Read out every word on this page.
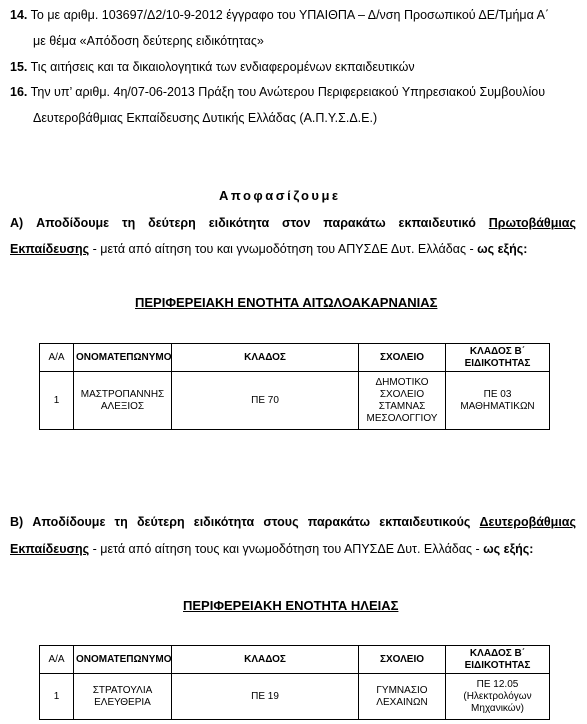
14. Το με αριθμ. 103697/Δ2/10-9-2012 έγγραφο του ΥΠΑΙΘΠΑ – Δ/νση Προσωπικού ΔΕ/Τμήμα Α΄
με θέμα «Απόδοση δεύτερης ειδικότητας»
15. Τις αιτήσεις και τα δικαιολογητικά των ενδιαφερομένων εκπαιδευτικών
16. Την υπ’ αριθμ. 4η/07-06-2013 Πράξη του Ανώτερου Περιφερειακού Υπηρεσιακού Συμβουλίου
Δευτεροβάθμιας Εκπαίδευσης Δυτικής Ελλάδας (Α.Π.Υ.Σ.Δ.Ε.)
Αποφασίζουμε
Α) Αποδίδουμε τη δεύτερη ειδικότητα στον παρακάτω εκπαιδευτικό Πρωτοβάθμιας
Εκπαίδευσης - μετά από αίτηση του και γνωμοδότηση του ΑΠΥΣΔΕ Δυτ. Ελλάδας - ως εξής:
ΠΕΡΙΦΕΡΕΙΑΚΗ ΕΝΟΤΗΤΑ ΑΙΤΩΛΟΑΚΑΡΝΑΝΙΑΣ
Α/Α	ΟΝΟΜΑΤΕΠΩΝΥΜΟ	ΚΛΑΔΟΣ	ΣΧΟΛΕΙΟ	ΚΛΑΔΟΣ Β΄ ΕΙΔΙΚΟΤΗΤΑΣ
1	ΜΑΣΤΡΟΠΑΝΝΗΣ ΑΛΕΞΙΟΣ	ΠΕ 70	ΔΗΜΟΤΙΚΟ ΣΧΟΛΕΙΟ ΣΤΑΜΝΑΣ ΜΕΣΟΛΟΓΓΙΟΥ	ΠΕ 03 ΜΑΘΗΜΑΤΙΚΩΝ
Β) Αποδίδουμε τη δεύτερη ειδικότητα στους παρακάτω εκπαιδευτικούς Δευτεροβάθμιας
Εκπαίδευσης - μετά από αίτηση τους και γνωμοδότηση του ΑΠΥΣΔΕ Δυτ. Ελλάδας - ως εξής:
ΠΕΡΙΦΕΡΕΙΑΚΗ ΕΝΟΤΗΤΑ ΗΛΕΙΑΣ
Α/Α	ΟΝΟΜΑΤΕΠΩΝΥΜΟ	ΚΛΑΔΟΣ	ΣΧΟΛΕΙΟ	ΚΛΑΔΟΣ Β΄ ΕΙΔΙΚΟΤΗΤΑΣ
1	ΣΤΡΑΤΟΥΛΙΑ ΕΛΕΥΘΕΡΙΑ	ΠΕ 19	ΓΥΜΝΑΣΙΟ ΛΕΧΑΙΝΩΝ	ΠΕ 12.05 (Ηλεκτρολόγων Μηχανικών)
